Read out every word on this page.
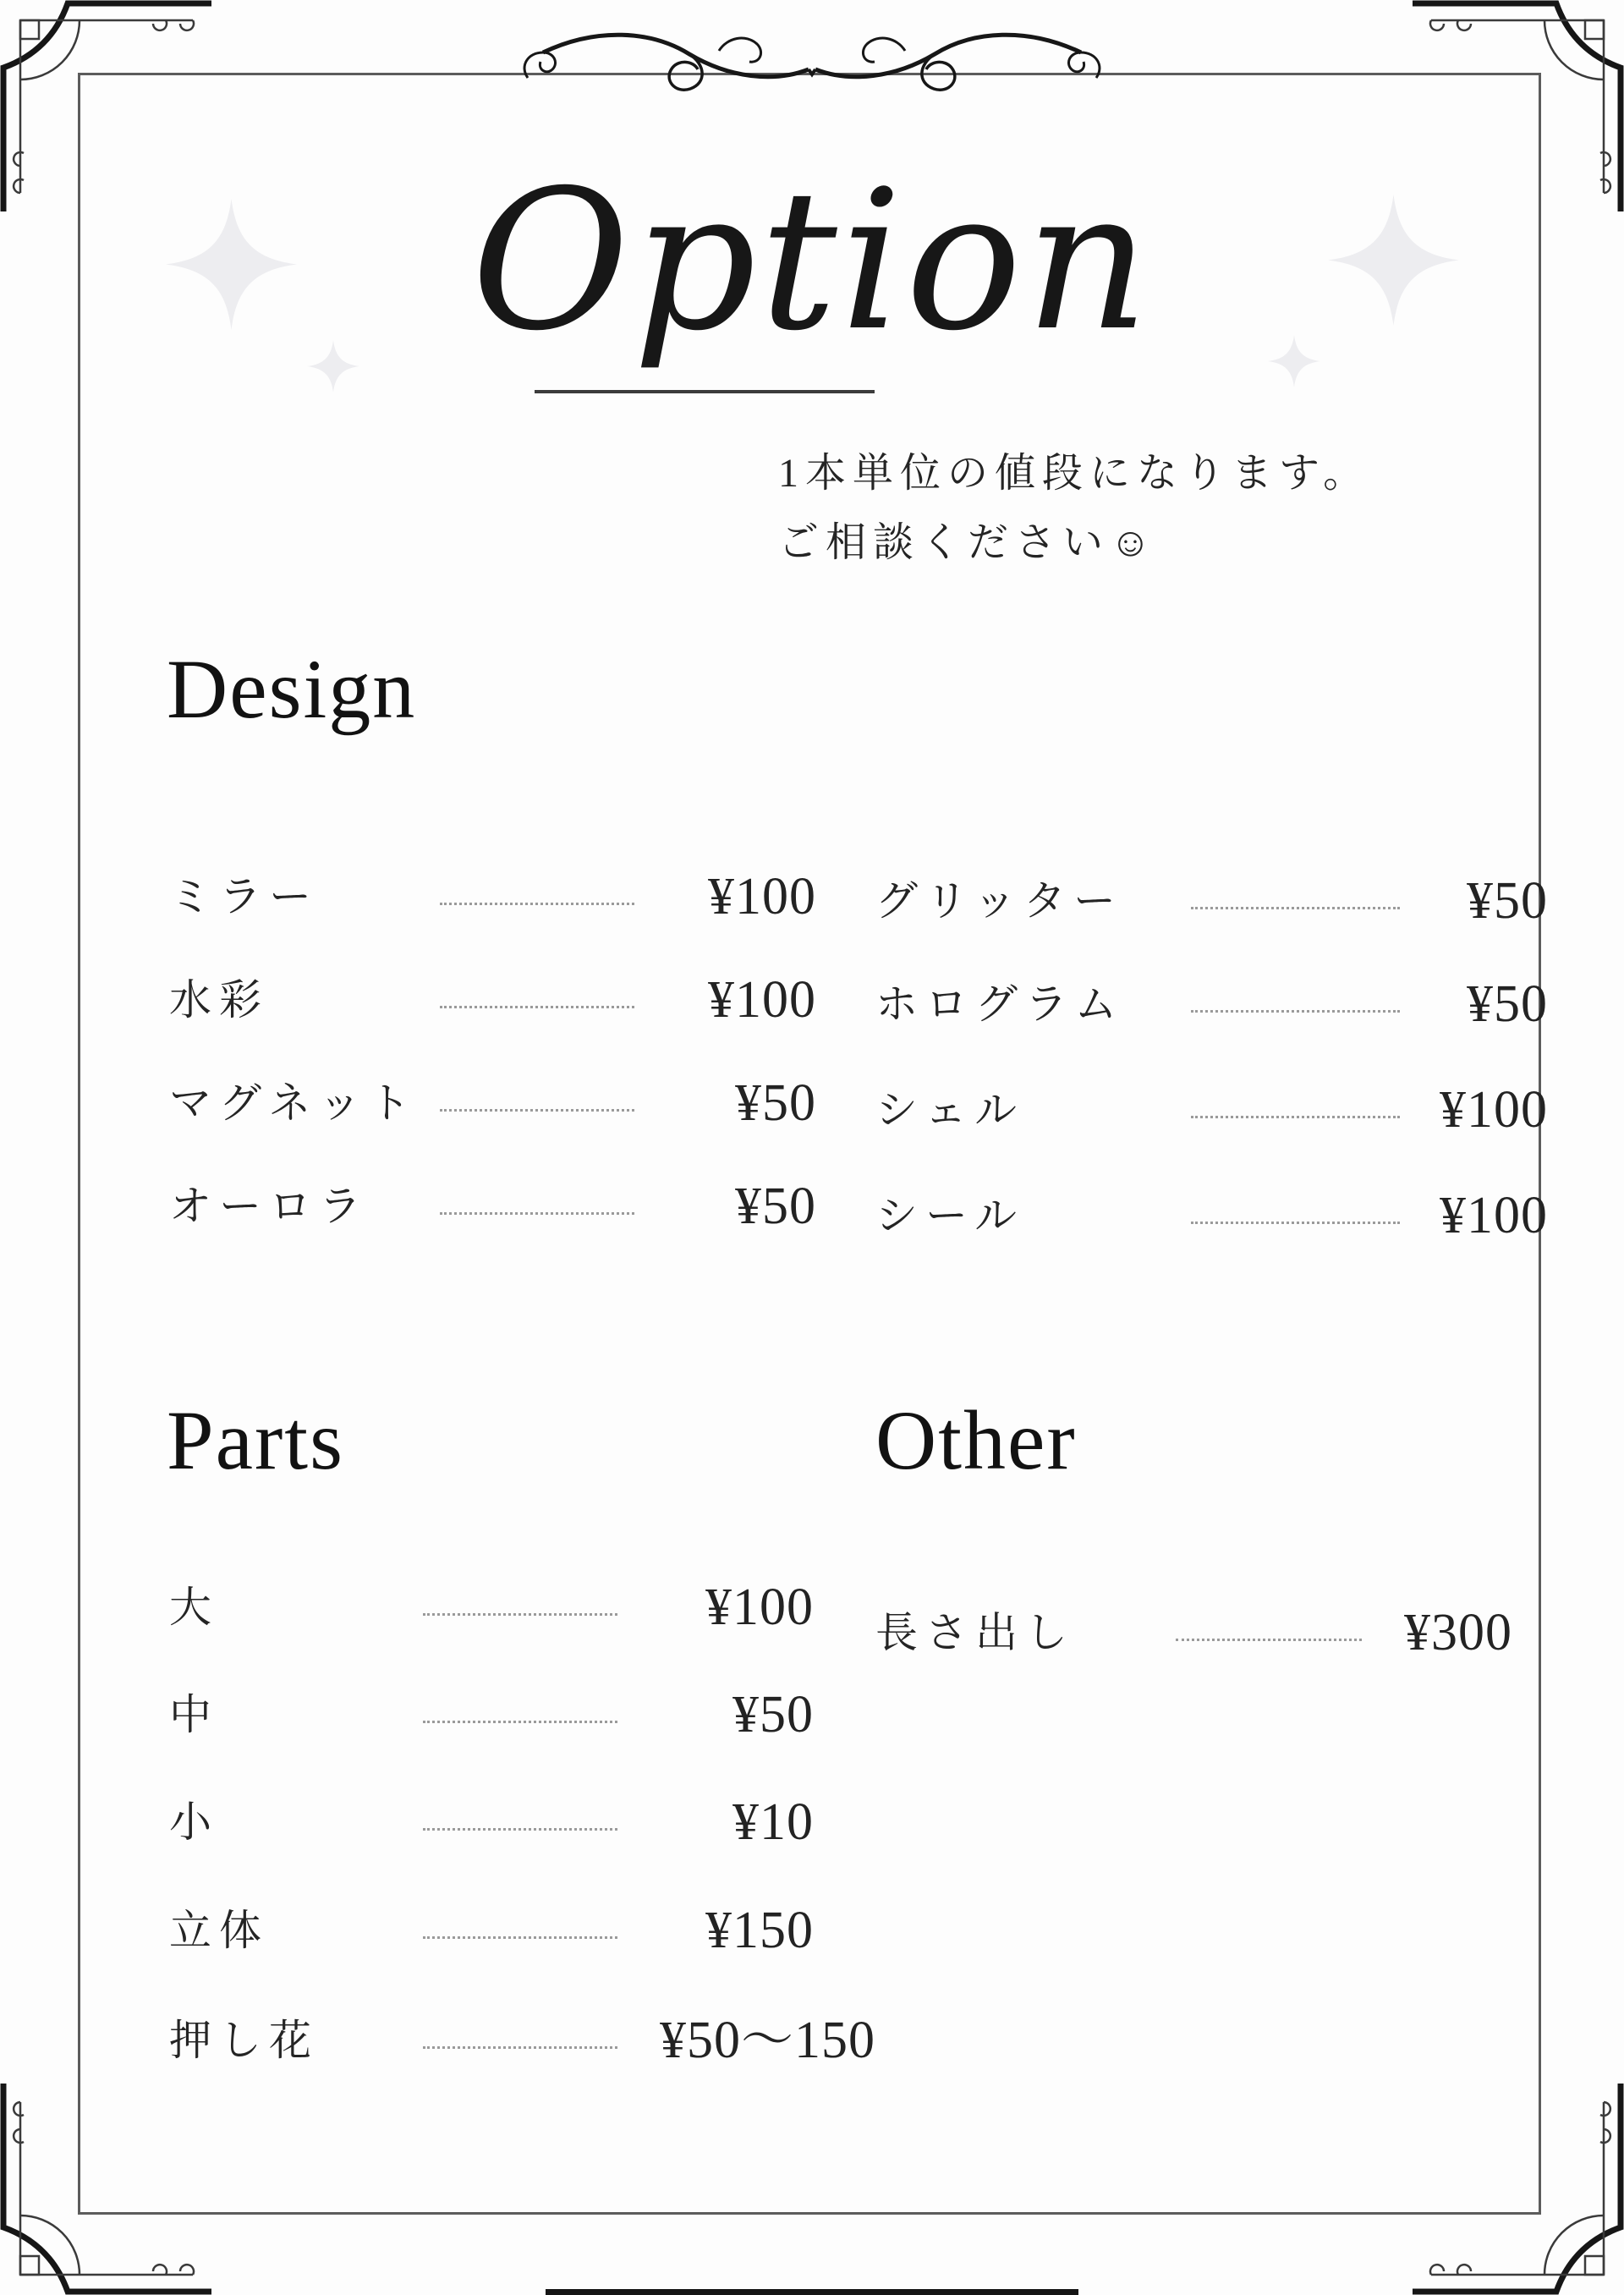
Option
1本単位の値段になります。
ご相談ください☺
Design
ミラー	¥100
水彩	¥100
マグネット	¥50
オーロラ	¥50
グリッター	¥50
ホログラム	¥50
シェル	¥100
シール	¥100
Parts
大	¥100
中	¥50
小	¥10
立体	¥150
押し花	¥50～150
Other
長さ出し	¥300
